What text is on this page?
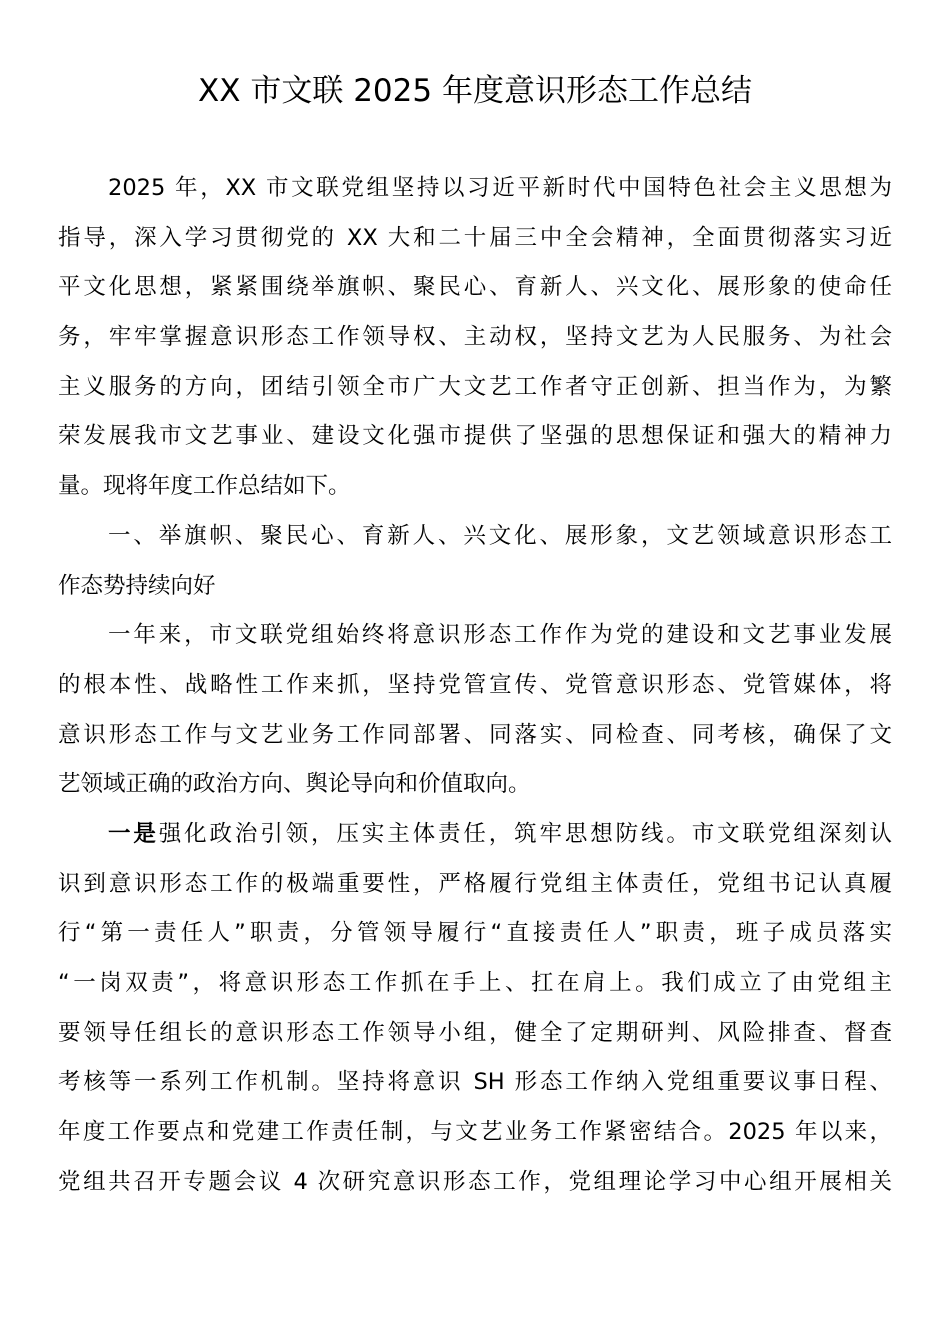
XX 市文联 2025 年度意识形态工作总结
2025 年，XX 市文联党组坚持以习近平新时代中国特色社会主义思想为
指导，深入学习贯彻党的 XX 大和二十届三中全会精神，全面贯彻落实习近
平文化思想，紧紧围绕举旗帜、聚民心、育新人、兴文化、展形象的使命任
务，牢牢掌握意识形态工作领导权、主动权，坚持文艺为人民服务、为社会
主义服务的方向，团结引领全市广大文艺工作者守正创新、担当作为，为繁
荣发展我市文艺事业、建设文化强市提供了坚强的思想保证和强大的精神力
量。现将年度工作总结如下。
一、举旗帜、聚民心、育新人、兴文化、展形象，文艺领域意识形态工
作态势持续向好
一年来，市文联党组始终将意识形态工作作为党的建设和文艺事业发展
的根本性、战略性工作来抓，坚持党管宣传、党管意识形态、党管媒体，将
意识形态工作与文艺业务工作同部署、同落实、同检查、同考核，确保了文
艺领域正确的政治方向、舆论导向和价值取向。
一是强化政治引领，压实主体责任，筑牢思想防线。市文联党组深刻认
识到意识形态工作的极端重要性，严格履行党组主体责任，党组书记认真履
行“第一责任人”职责，分管领导履行“直接责任人”职责，班子成员落实
“一岗双责”，将意识形态工作抓在手上、扛在肩上。我们成立了由党组主
要领导任组长的意识形态工作领导小组，健全了定期研判、风险排查、督查
考核等一系列工作机制。坚持将意识 SH 形态工作纳入党组重要议事日程、
年度工作要点和党建工作责任制，与文艺业务工作紧密结合。2025 年以来，
党组共召开专题会议 4 次研究意识形态工作，党组理论学习中心组开展相关
